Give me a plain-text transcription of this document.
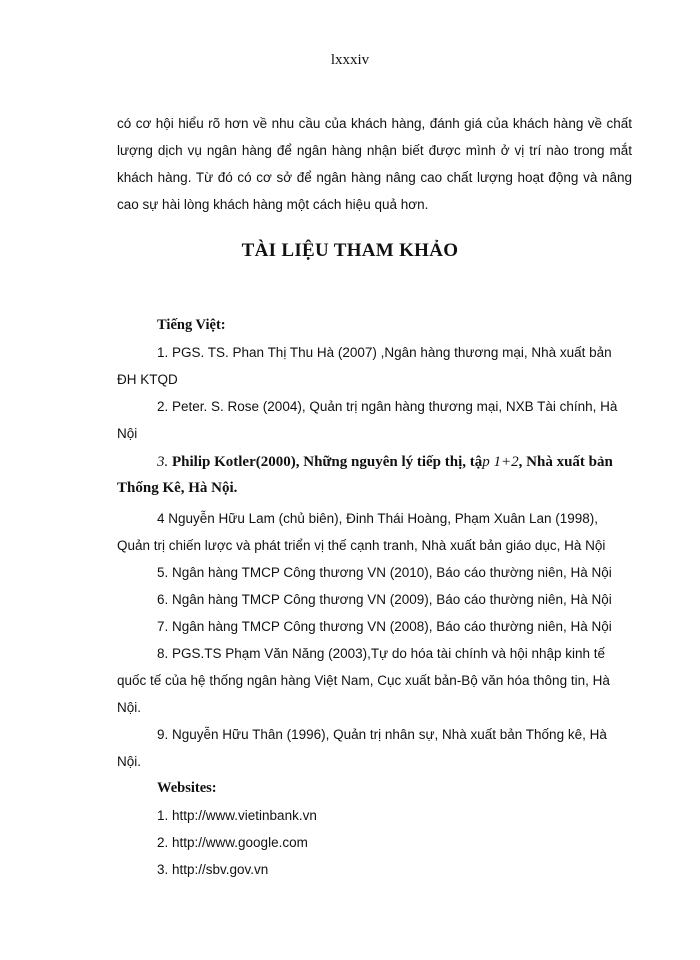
lxxxiv

có cơ hội hiểu rõ hơn về nhu cầu của khách hàng, đánh giá của khách hàng về chất lượng dịch vụ ngân hàng để ngân hàng nhận biết được mình ở vị trí nào trong mắt khách hàng. Từ đó có cơ sở để ngân hàng nâng cao chất lượng hoạt động và nâng cao sự hài lòng khách hàng một cách hiệu quả hơn.

TÀI LIỆU THAM KHẢO
Tiếng Việt:

1. PGS. TS. Phan Thị Thu Hà (2007) ,Ngân hàng thương mại, Nhà xuất bản ĐH KTQD

2. Peter. S. Rose (2004), Quản trị ngân hàng thương mại, NXB Tài chính, Hà Nội

3. Philip Kotler(2000), Những nguyên lý tiếp thị, tập 1+2, Nhà xuất bản Thống Kê, Hà Nội.

4 Nguyễn Hữu Lam (chủ biên), Đinh Thái Hoàng, Phạm Xuân Lan (1998), Quản trị chiến lược và phát triển vị thế cạnh tranh, Nhà xuất bản giáo dục, Hà Nội

5. Ngân hàng TMCP Công thương VN (2010), Báo cáo thường niên, Hà Nội

6. Ngân hàng TMCP Công thương VN (2009), Báo cáo thường niên, Hà Nội

7. Ngân hàng TMCP Công thương VN (2008), Báo cáo thường niên, Hà Nội

8. PGS.TS Phạm Văn Năng (2003),Tự do hóa tài chính và hội nhập kinh tế quốc tế của hệ thống ngân hàng Việt Nam, Cục xuất bản-Bộ văn hóa thông tin, Hà Nội.

9. Nguyễn Hữu Thân (1996), Quản trị nhân sự, Nhà xuất bản Thống kê, Hà Nội.

Websites:

1. http://www.vietinbank.vn

2. http://www.google.com

3. http://sbv.gov.vn
